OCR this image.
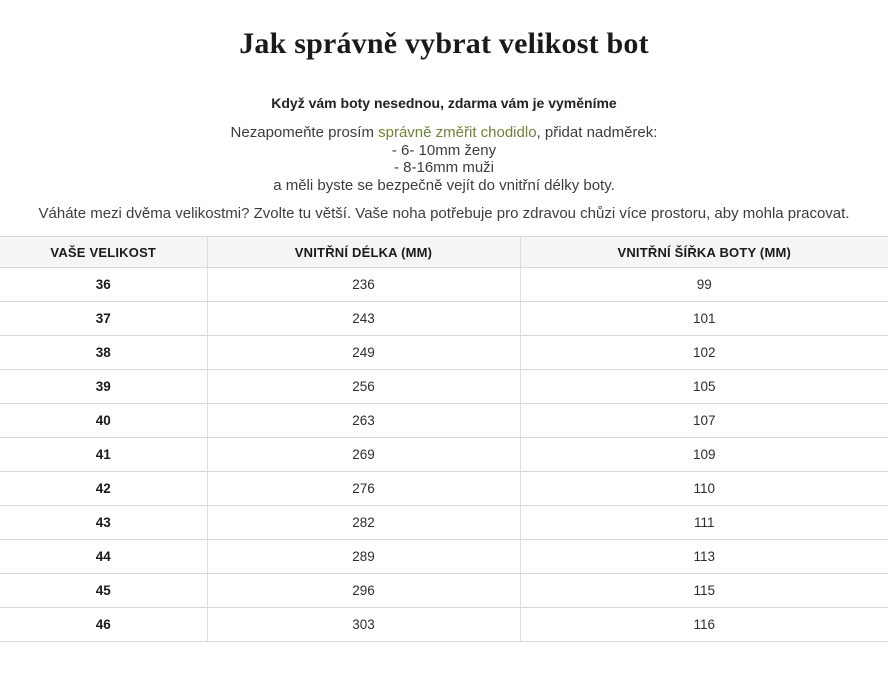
Jak správně vybrat velikost bot
Když vám boty nesednou, zdarma vám je vyměníme
Nezapomeňte prosím správně změřit chodidlo, přidat nadměrek:
- 6- 10mm ženy
- 8-16mm muži
a měli byste se bezpečně vejít do vnitřní délky boty.
Váháte mezi dvěma velikostmi? Zvolte tu větší. Vaše noha potřebuje pro zdravou chůzi více prostoru, aby mohla pracovat.
VAŠE VELIKOST	VNITŘNÍ DÉLKA (MM)	VNITŘNÍ ŠÍŘKA BOTY (MM)
36	236	99
37	243	101
38	249	102
39	256	105
40	263	107
41	269	109
42	276	110
43	282	111
44	289	113
45	296	115
46	303	116
